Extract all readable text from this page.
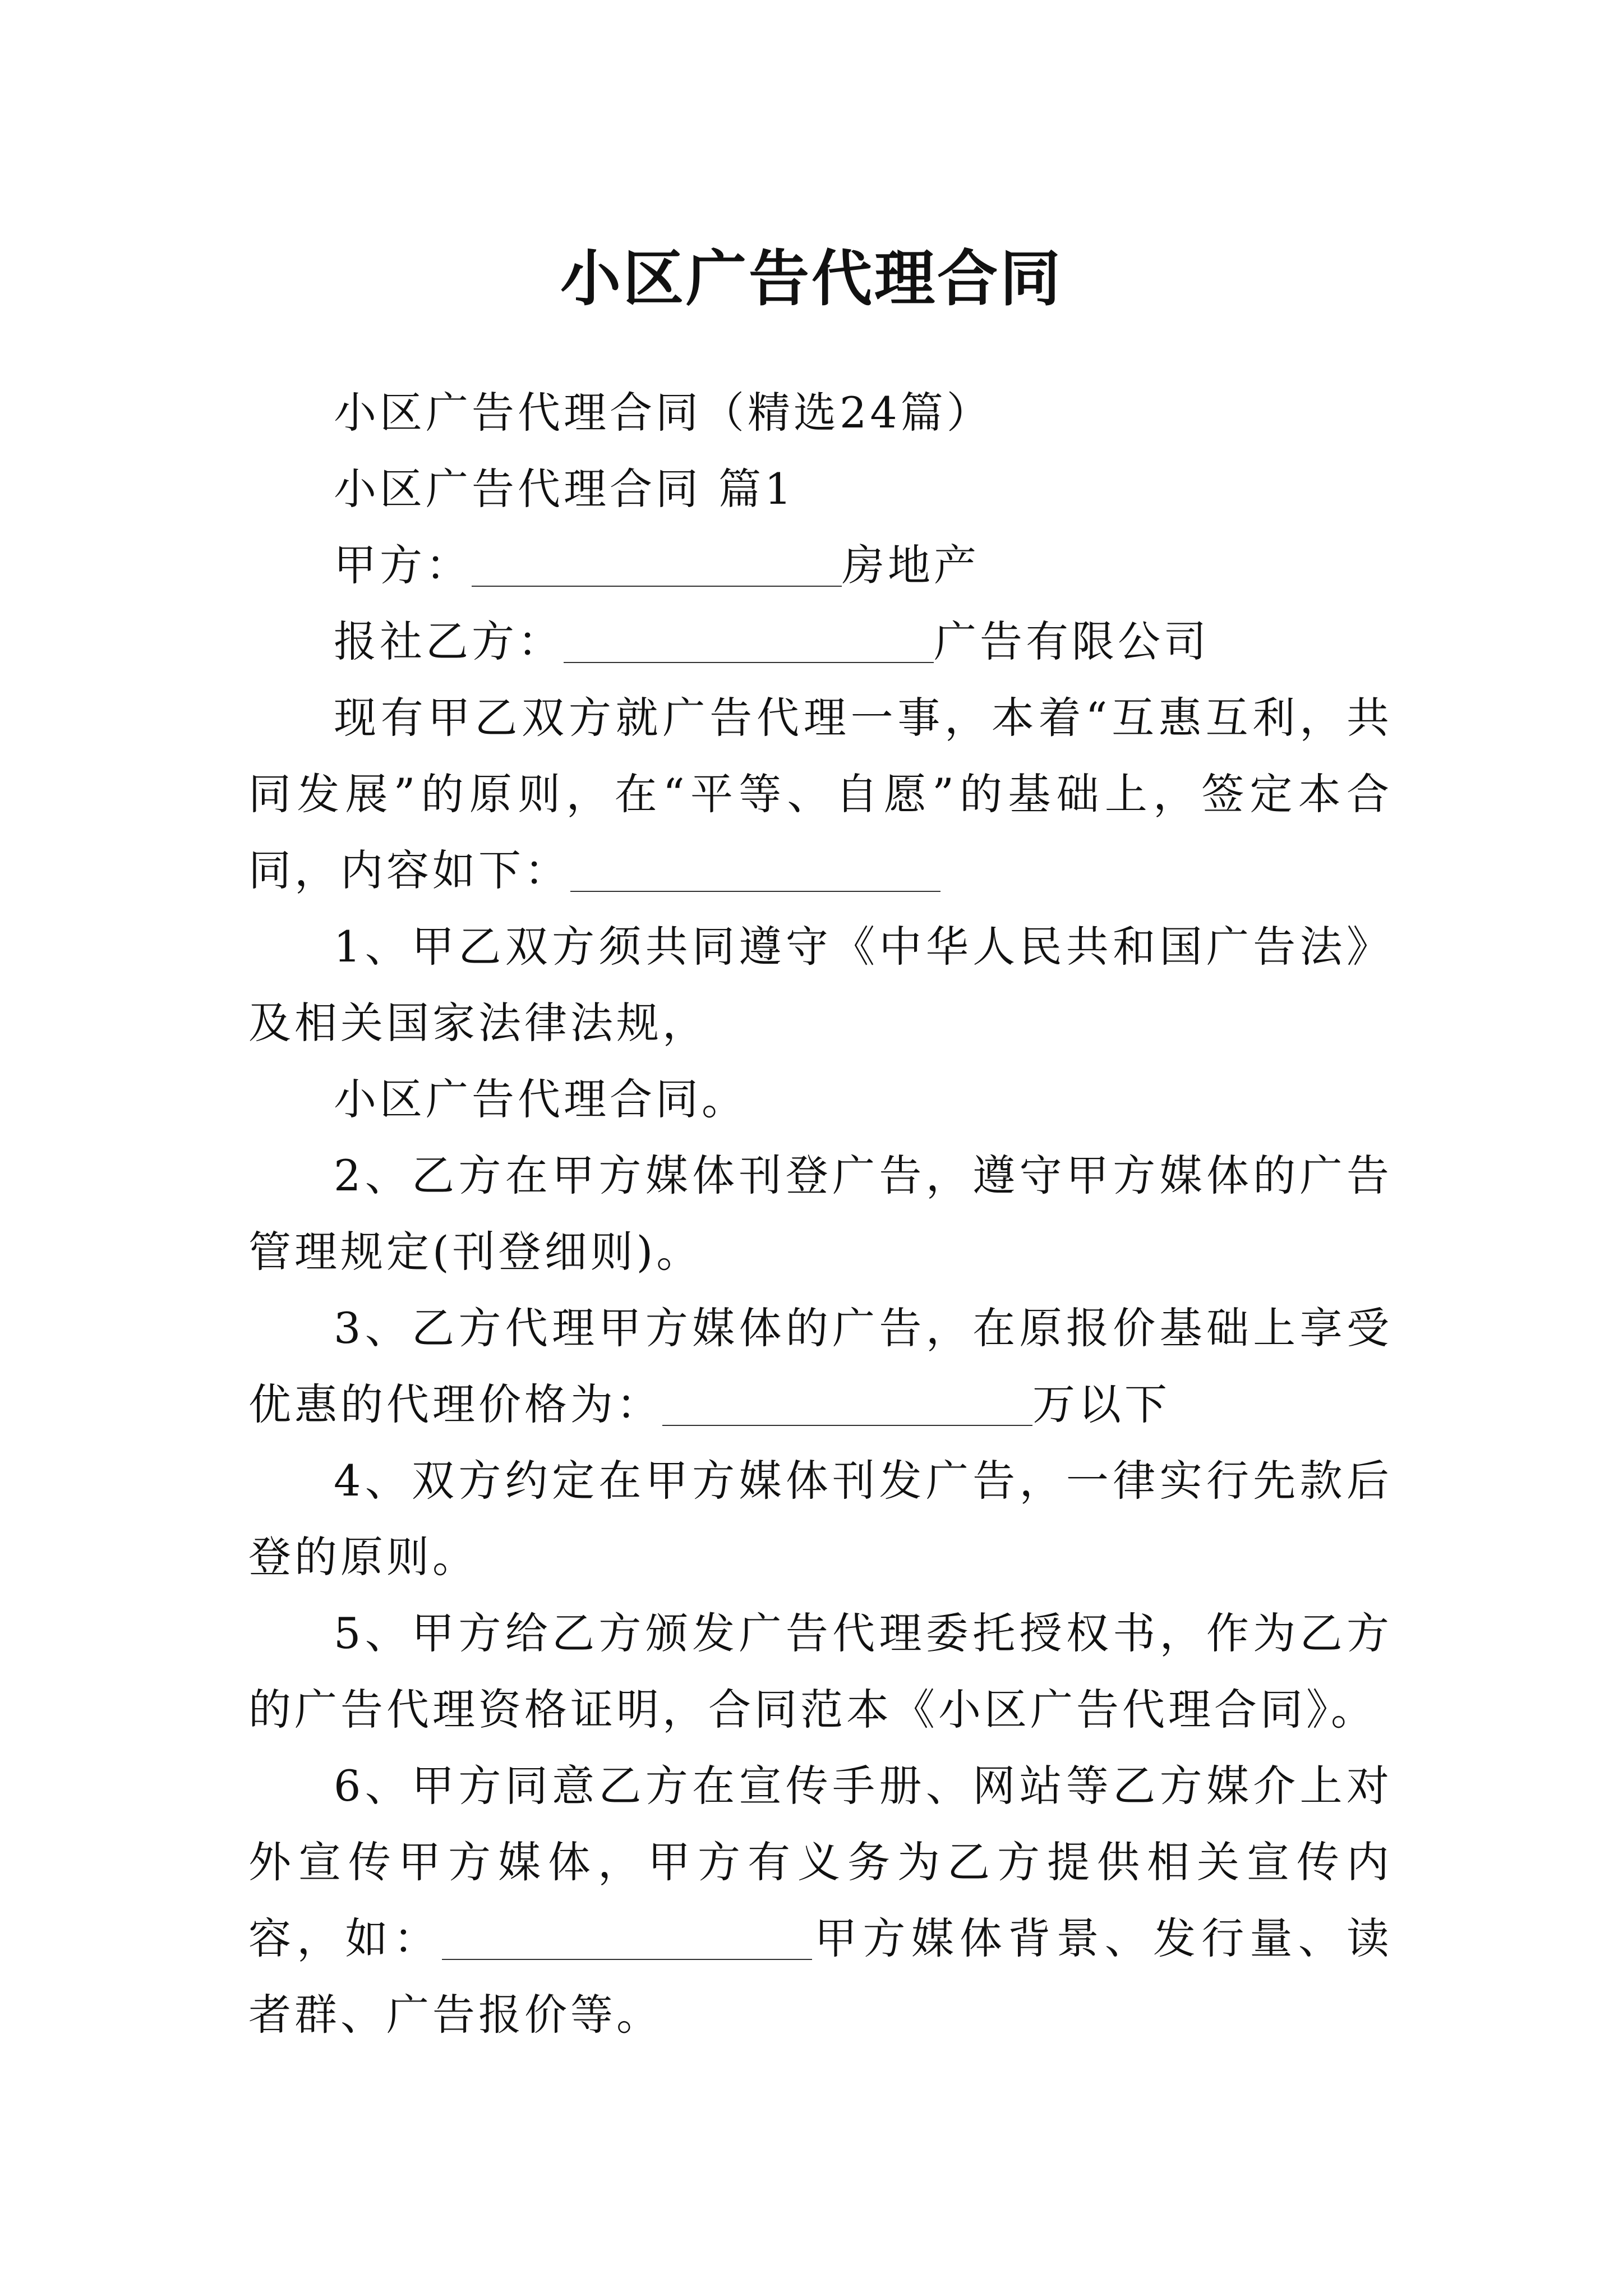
小区广告代理合同

小区广告代理合同（精选24篇）

小区广告代理合同 篇1

甲方：	房地产

报社乙方：	广告有限公司

现有甲乙双方就广告代理一事，本着“互惠互利，共同发展”的原则，在“平等、自愿”的基础上，签定本合同，内容如下：

1、甲乙双方须共同遵守《中华人民共和国广告法》及相关国家法律法规，

小区广告代理合同。

2、乙方在甲方媒体刊登广告，遵守甲方媒体的广告管理规定(刊登细则)。

3、乙方代理甲方媒体的广告，在原报价基础上享受优惠的代理价格为：	万以下

4、双方约定在甲方媒体刊发广告，一律实行先款后登的原则。

5、甲方给乙方颁发广告代理委托授权书，作为乙方的广告代理资格证明，合同范本《小区广告代理合同》。

6、甲方同意乙方在宣传手册、网站等乙方媒介上对外宣传甲方媒体，甲方有义务为乙方提供相关宣传内容，如：	甲方媒体背景、发行量、读者群、广告报价等。
